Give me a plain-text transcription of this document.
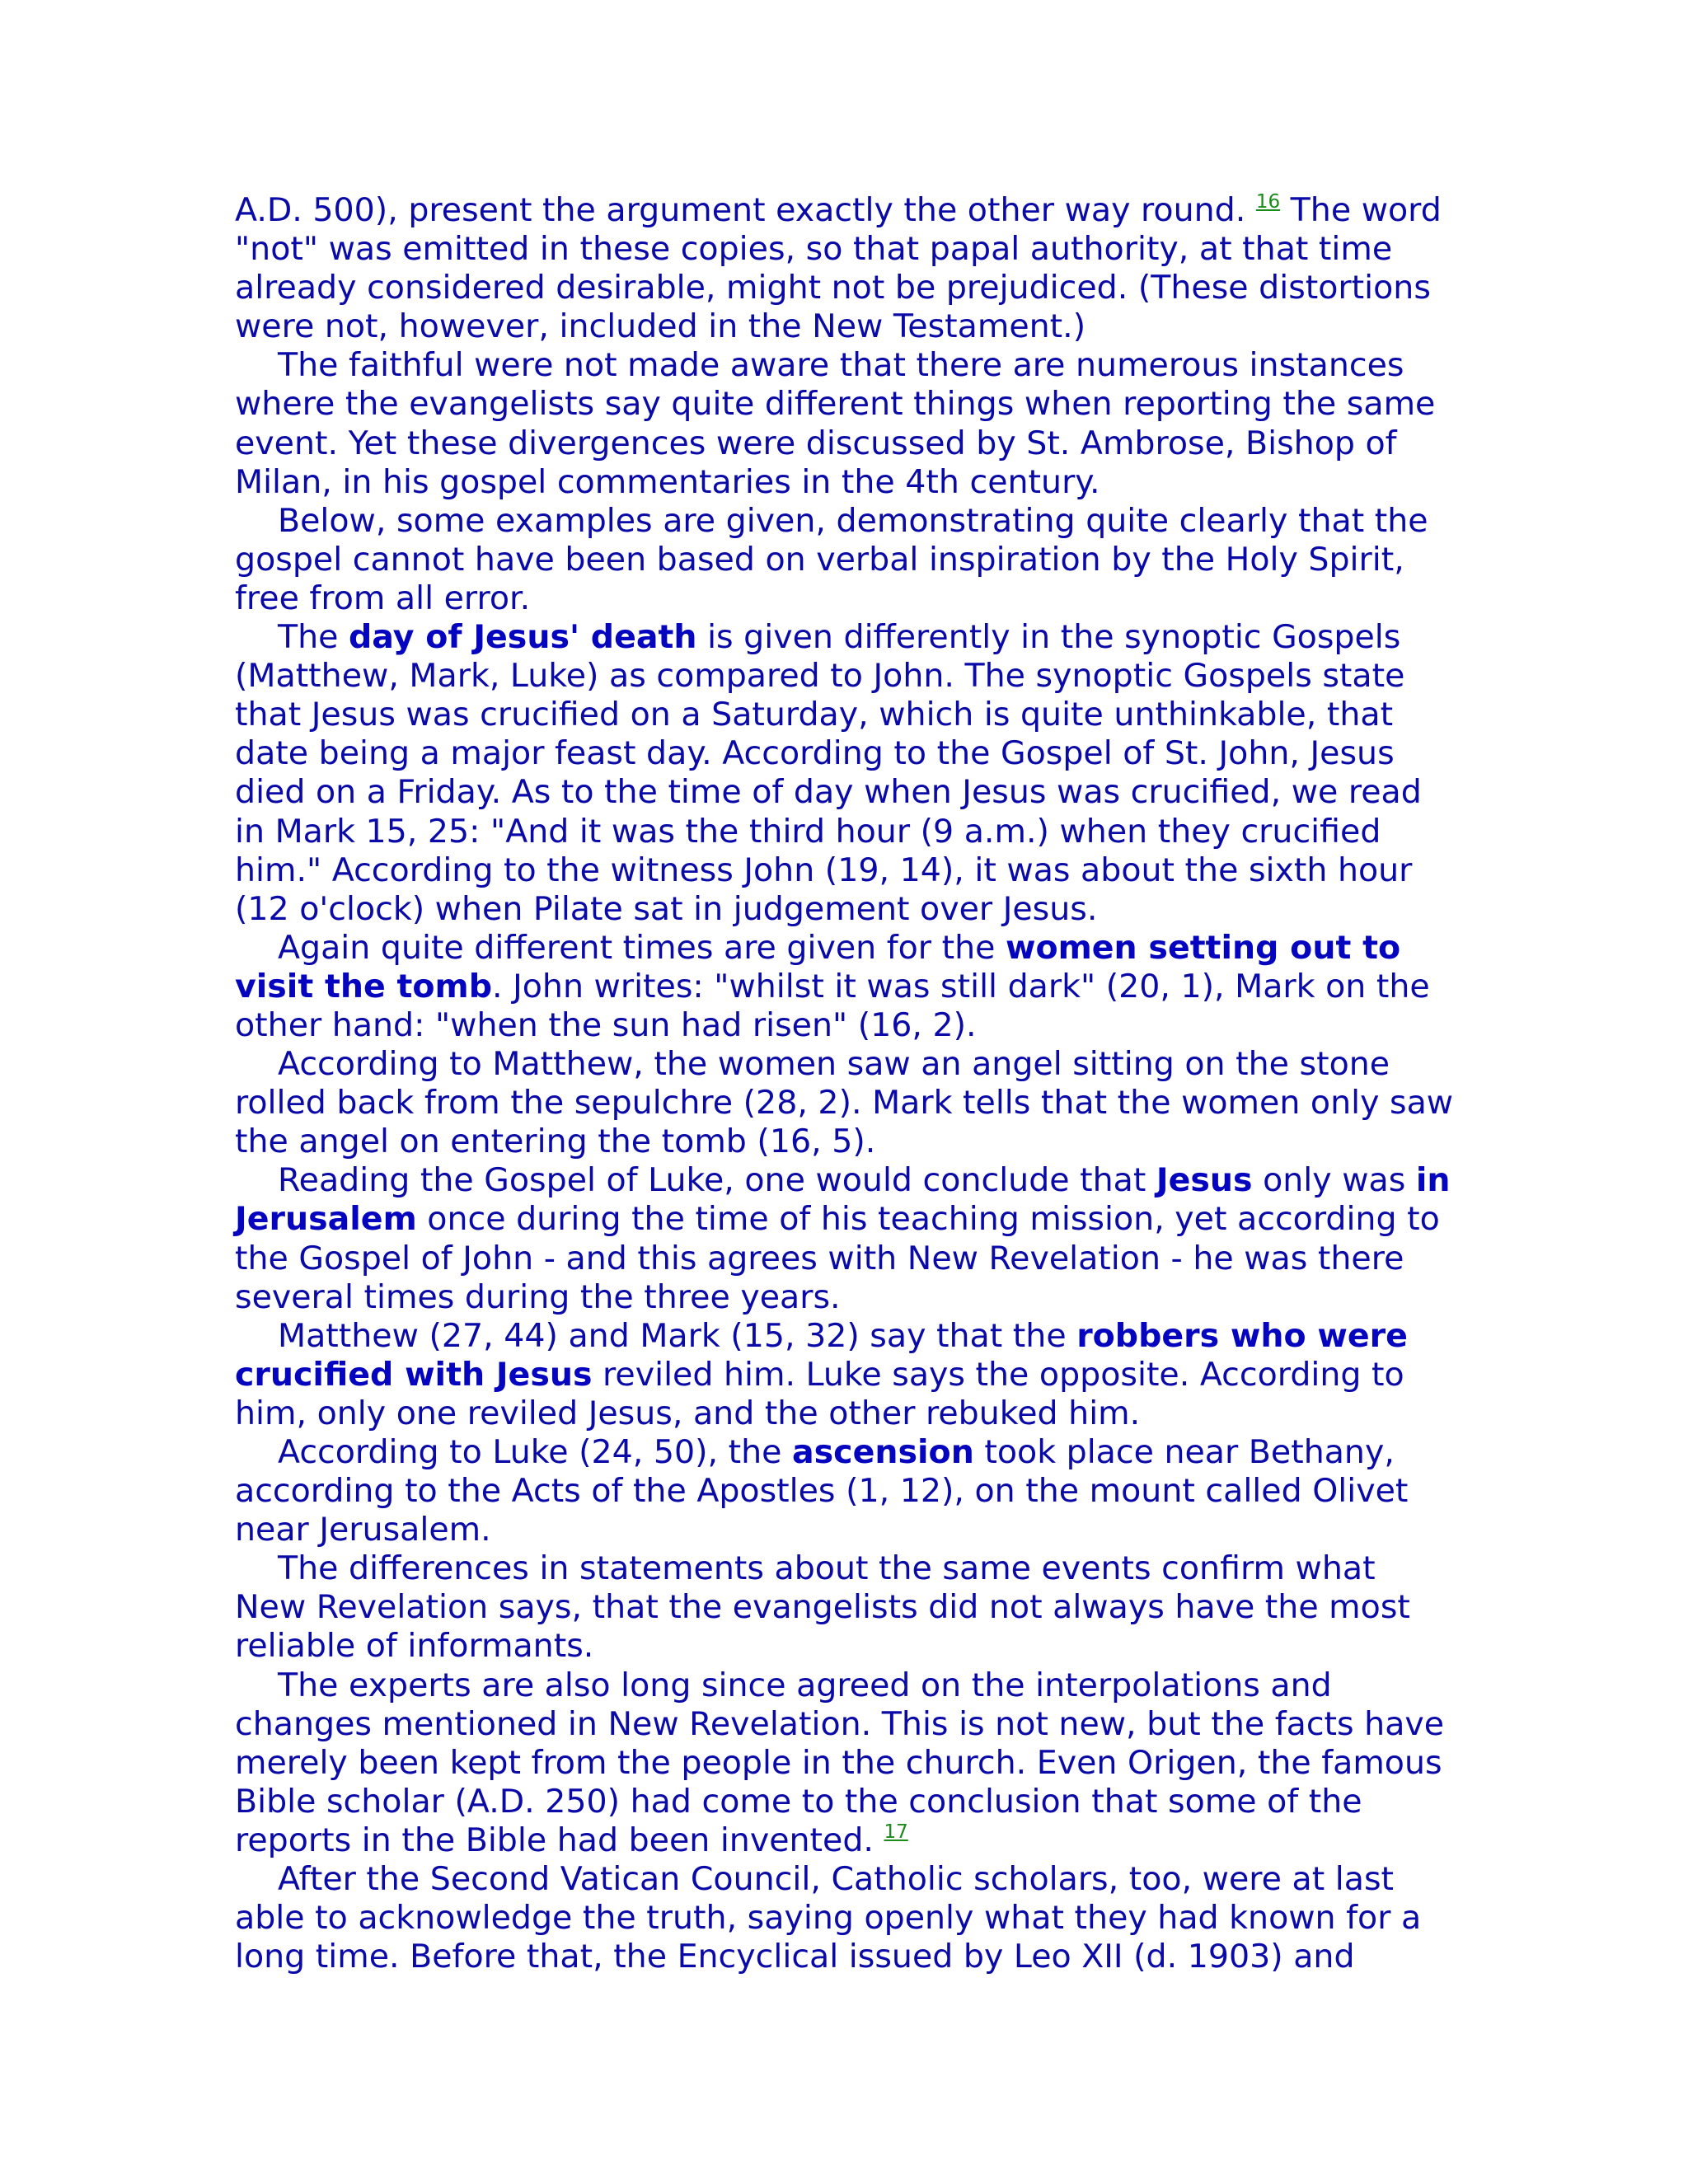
A.D. 500), present the argument exactly the other way round. $^{16}$ The word "not" was emitted in these copies, so that papal authority, at that time already considered desirable, might not be prejudiced. (These distortions were not, however, included in the New Testament.)

The faithful were not made aware that there are numerous instances where the evangelists say quite different things when reporting the same event. Yet these divergences were discussed by St. Ambrose, Bishop of Milan, in his gospel commentaries in the 4th century.

Below, some examples are given, demonstrating quite clearly that the gospel cannot have been based on verbal inspiration by the Holy Spirit, free from all error.

The day of Jesus' death is given differently in the synoptic Gospels (Matthew, Mark, Luke) as compared to John. The synoptic Gospels state that Jesus was crucified on a Saturday, which is quite unthinkable, that date being a major feast day. According to the Gospel of St. John, Jesus died on a Friday. As to the time of day when Jesus was crucified, we read in Mark 15, 25: "And it was the third hour (9 a.m.) when they crucified him." According to the witness John (19, 14), it was about the sixth hour (12 o'clock) when Pilate sat in judgement over Jesus.

Again quite different times are given for the women setting out to visit the tomb. John writes: "whilst it was still dark" (20, 1), Mark on the other hand: "when the sun had risen" (16, 2).

According to Matthew, the women saw an angel sitting on the stone rolled back from the sepulchre (28, 2). Mark tells that the women only saw the angel on entering the tomb (16, 5).

Reading the Gospel of Luke, one would conclude that Jesus only was in Jerusalem once during the time of his teaching mission, yet according to the Gospel of John - and this agrees with New Revelation - he was there several times during the three years.

Matthew (27, 44) and Mark (15, 32) say that the robbers who were crucified with Jesus reviled him. Luke says the opposite. According to him, only one reviled Jesus, and the other rebuked him.

According to Luke (24, 50), the ascension took place near Bethany, according to the Acts of the Apostles (1, 12), on the mount called Olivet near Jerusalem.

The differences in statements about the same events confirm what New Revelation says, that the evangelists did not always have the most reliable of informants.

The experts are also long since agreed on the interpolations and changes mentioned in New Revelation. This is not new, but the facts have merely been kept from the people in the church. Even Origen, the famous Bible scholar (A.D. 250) had come to the conclusion that some of the reports in the Bible had been invented. $^{17}$

After the Second Vatican Council, Catholic scholars, too, were at last able to acknowledge the truth, saying openly what they had known for a long time. Before that, the Encyclical issued by Leo XII (d. 1903) and
